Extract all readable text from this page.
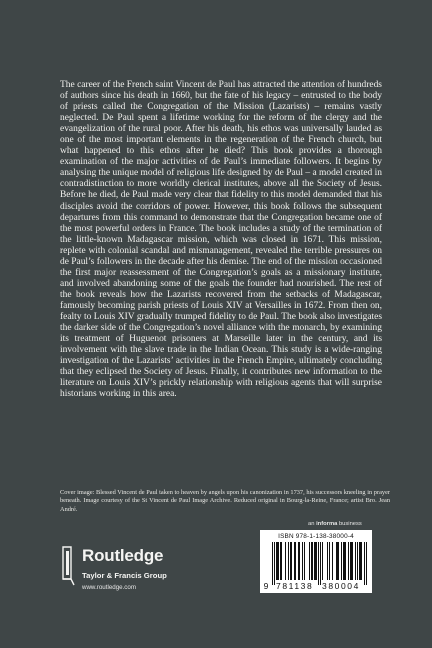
The career of the French saint Vincent de Paul has attracted the attention of hundreds of authors since his death in 1660, but the fate of his legacy – entrusted to the body of priests called the Congregation of the Mission (Lazarists) – remains vastly neglected. De Paul spent a lifetime working for the reform of the clergy and the evangelization of the rural poor. After his death, his ethos was universally lauded as one of the most important elements in the regeneration of the French church, but what happened to this ethos after he died? This book provides a thorough examination of the major activities of de Paul’s immediate followers. It begins by analysing the unique model of religious life designed by de Paul – a model created in contradistinction to more worldly clerical institutes, above all the Society of Jesus. Before he died, de Paul made very clear that fidelity to this model demanded that his disciples avoid the corridors of power. However, this book follows the subsequent departures from this command to demonstrate that the Congregation became one of the most powerful orders in France. The book includes a study of the termination of the little-known Madagascar mission, which was closed in 1671. This mission, replete with colonial scandal and mismanagement, revealed the terrible pressures on de Paul’s followers in the decade after his demise. The end of the mission occasioned the first major reassessment of the Congregation’s goals as a missionary institute, and involved abandoning some of the goals the founder had nourished. The rest of the book reveals how the Lazarists recovered from the setbacks of Madagascar, famously becoming parish priests of Louis XIV at Versailles in 1672. From then on, fealty to Louis XIV gradually trumped fidelity to de Paul. The book also investigates the darker side of the Congregation’s novel alliance with the monarch, by examining its treatment of Huguenot prisoners at Marseille later in the century, and its involvement with the slave trade in the Indian Ocean. This study is a wide-ranging investigation of the Lazarists’ activities in the French Empire, ultimately concluding that they eclipsed the Society of Jesus. Finally, it contributes new information to the literature on Louis XIV’s prickly relationship with religious agents that will surprise historians working in this area.
Cover image: Blessed Vincent de Paul taken to heaven by angels upon his canonization in 1737, his successors kneeling in prayer beneath. Image courtesy of the St Vincent de Paul Image Archive. Reduced original in Bourg-la-Reine, France; artist Bro. Jean André.
an informa business
Routledge
Taylor & Francis Group
www.routledge.com
ISBN 978-1-138-38000-4
9 781138 380004
